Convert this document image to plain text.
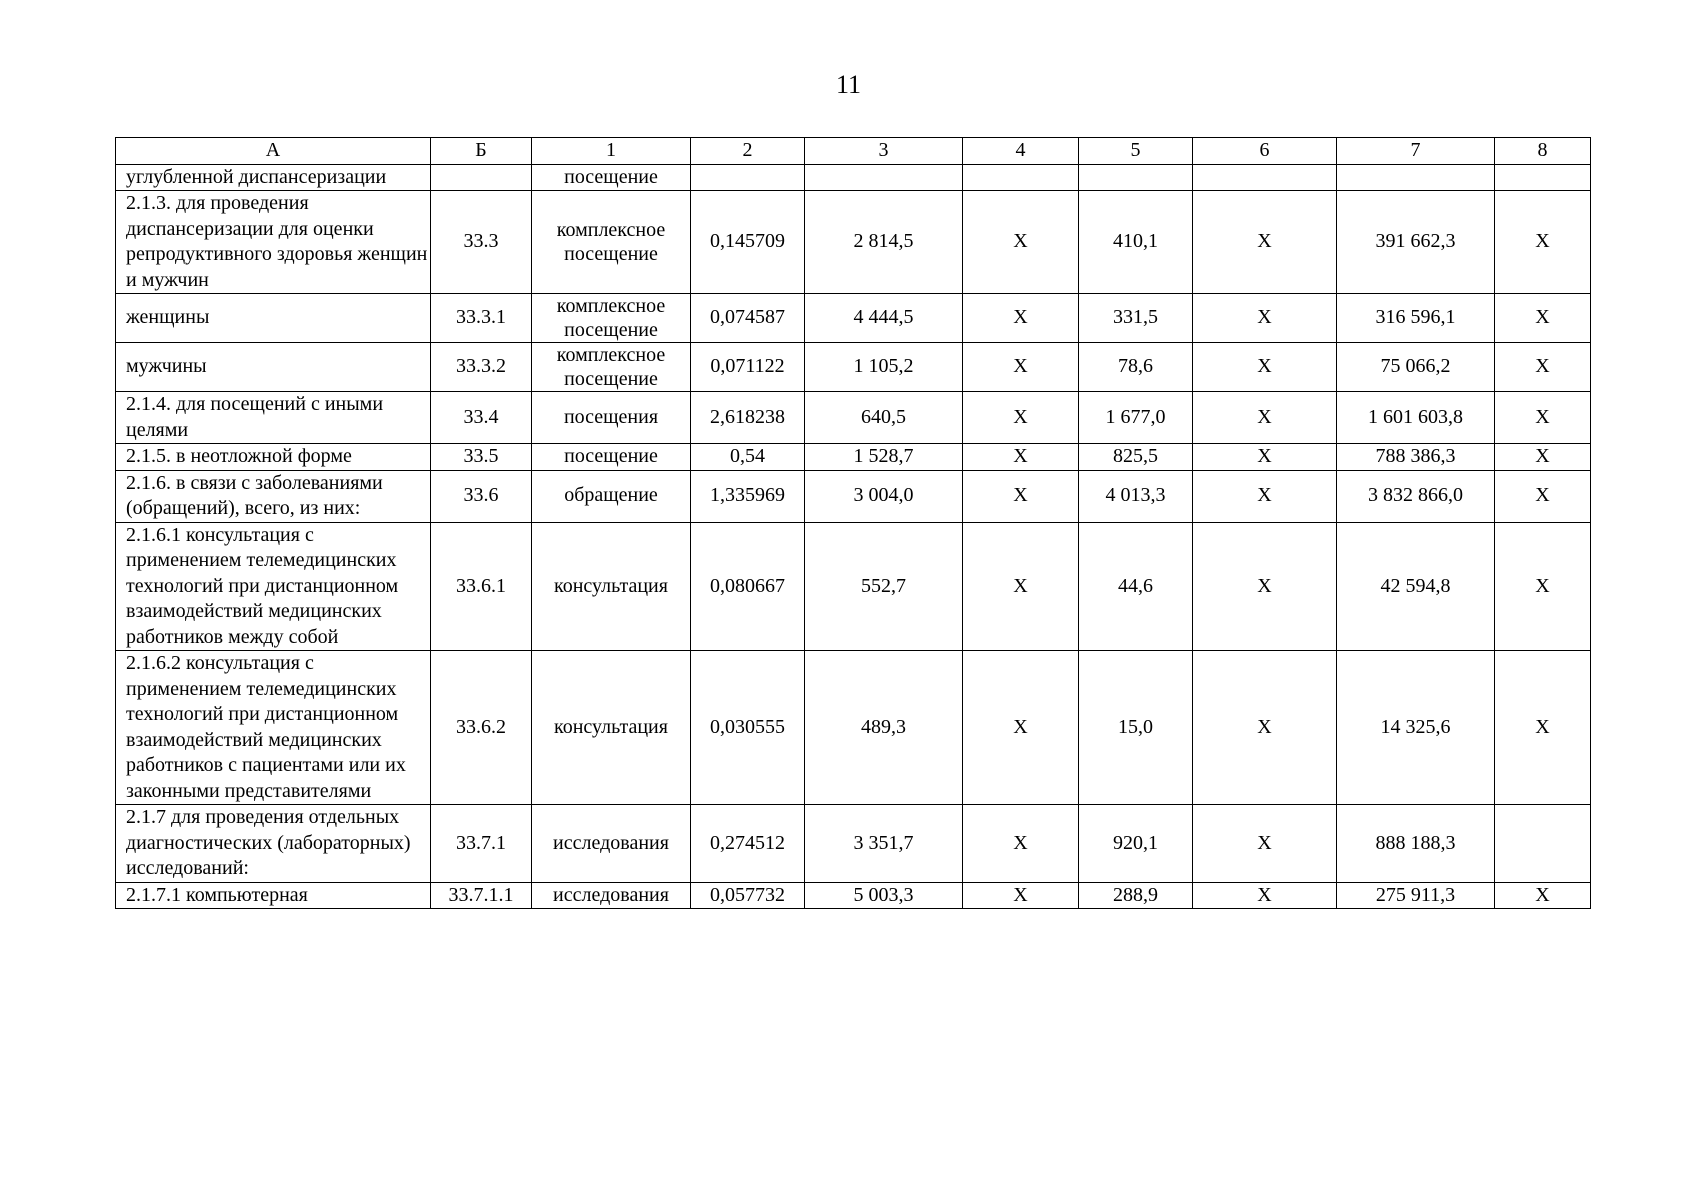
11
А	Б	1	2	3	4	5	6	7	8
углубленной диспансеризации		посещение							
2.1.3. для проведения диспансеризации для оценки репродуктивного здоровья женщин и мужчин	33.3	комплексное посещение	0,145709	2 814,5	Х	410,1	Х	391 662,3	Х
женщины	33.3.1	комплексное посещение	0,074587	4 444,5	Х	331,5	Х	316 596,1	Х
мужчины	33.3.2	комплексное посещение	0,071122	1 105,2	Х	78,6	Х	75 066,2	Х
2.1.4. для посещений с иными целями	33.4	посещения	2,618238	640,5	Х	1 677,0	Х	1 601 603,8	Х
2.1.5. в неотложной форме	33.5	посещение	0,54	1 528,7	Х	825,5	Х	788 386,3	Х
2.1.6. в связи с заболеваниями (обращений), всего, из них:	33.6	обращение	1,335969	3 004,0	Х	4 013,3	Х	3 832 866,0	Х
2.1.6.1 консультация с применением телемедицинских технологий при дистанционном взаимодействий медицинских работников между собой	33.6.1	консультация	0,080667	552,7	Х	44,6	Х	42 594,8	Х
2.1.6.2 консультация с применением телемедицинских технологий при дистанционном взаимодействий медицинских работников с пациентами или их законными представителями	33.6.2	консультация	0,030555	489,3	Х	15,0	Х	14 325,6	Х
2.1.7 для проведения отдельных диагностических (лабораторных) исследований:	33.7.1	исследования	0,274512	3 351,7	Х	920,1	Х	888 188,3	
2.1.7.1 компьютерная	33.7.1.1	исследования	0,057732	5 003,3	Х	288,9	Х	275 911,3	Х
